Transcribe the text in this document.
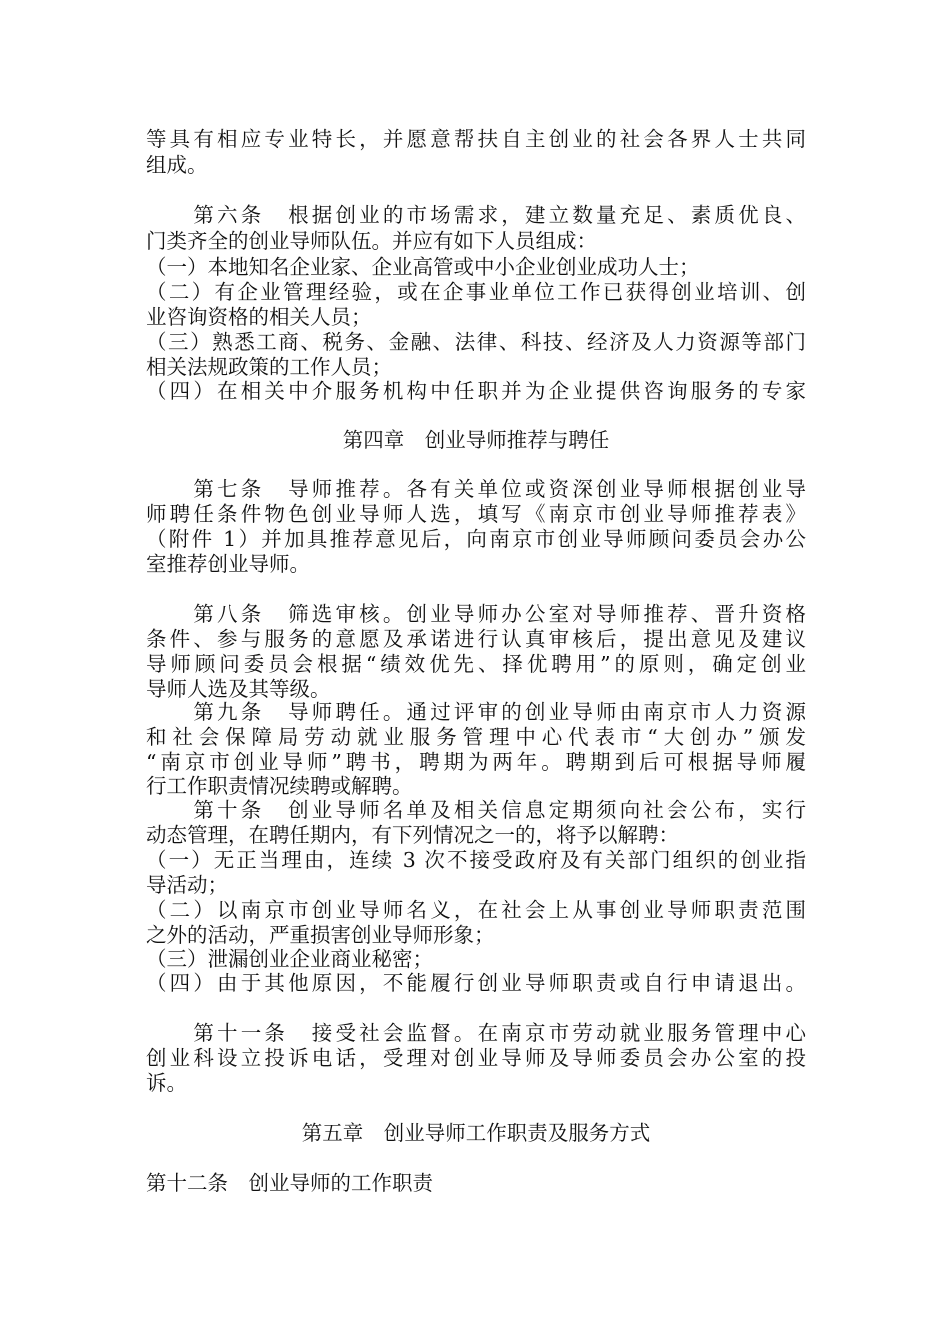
等具有相应专业特长，并愿意帮扶自主创业的社会各界人士共同
组成。
　　第六条　根据创业的市场需求，建立数量充足、素质优良、
门类齐全的创业导师队伍。并应有如下人员组成：
（一）本地知名企业家、企业高管或中小企业创业成功人士；
（二）有企业管理经验，或在企事业单位工作已获得创业培训、创
业咨询资格的相关人员；
（三）熟悉工商、税务、金融、法律、科技、经济及人力资源等部门
相关法规政策的工作人员；
（四）在相关中介服务机构中任职并为企业提供咨询服务的专家
第四章　创业导师推荐与聘任
　　第七条　导师推荐。各有关单位或资深创业导师根据创业导
师聘任条件物色创业导师人选，填写《南京市创业导师推荐表》
（附件 1）并加具推荐意见后，向南京市创业导师顾问委员会办公
室推荐创业导师。
　　第八条　筛选审核。创业导师办公室对导师推荐、晋升资格
条件、参与服务的意愿及承诺进行认真审核后，提出意见及建议
导师顾问委员会根据“绩效优先、择优聘用”的原则，确定创业
导师人选及其等级。
　　第九条　导师聘任。通过评审的创业导师由南京市人力资源
和社会保障局劳动就业服务管理中心代表市“大创办”颁发
“南京市创业导师”聘书，聘期为两年。聘期到后可根据导师履
行工作职责情况续聘或解聘。
　　第十条　创业导师名单及相关信息定期须向社会公布，实行
动态管理，在聘任期内，有下列情况之一的，将予以解聘：
（一）无正当理由，连续 3 次不接受政府及有关部门组织的创业指
导活动；
（二）以南京市创业导师名义，在社会上从事创业导师职责范围
之外的活动，严重损害创业导师形象；
（三）泄漏创业企业商业秘密；
（四）由于其他原因，不能履行创业导师职责或自行申请退出。
　　第十一条　接受社会监督。在南京市劳动就业服务管理中心
创业科设立投诉电话，受理对创业导师及导师委员会办公室的投
诉。
第五章　创业导师工作职责及服务方式
第十二条　创业导师的工作职责
